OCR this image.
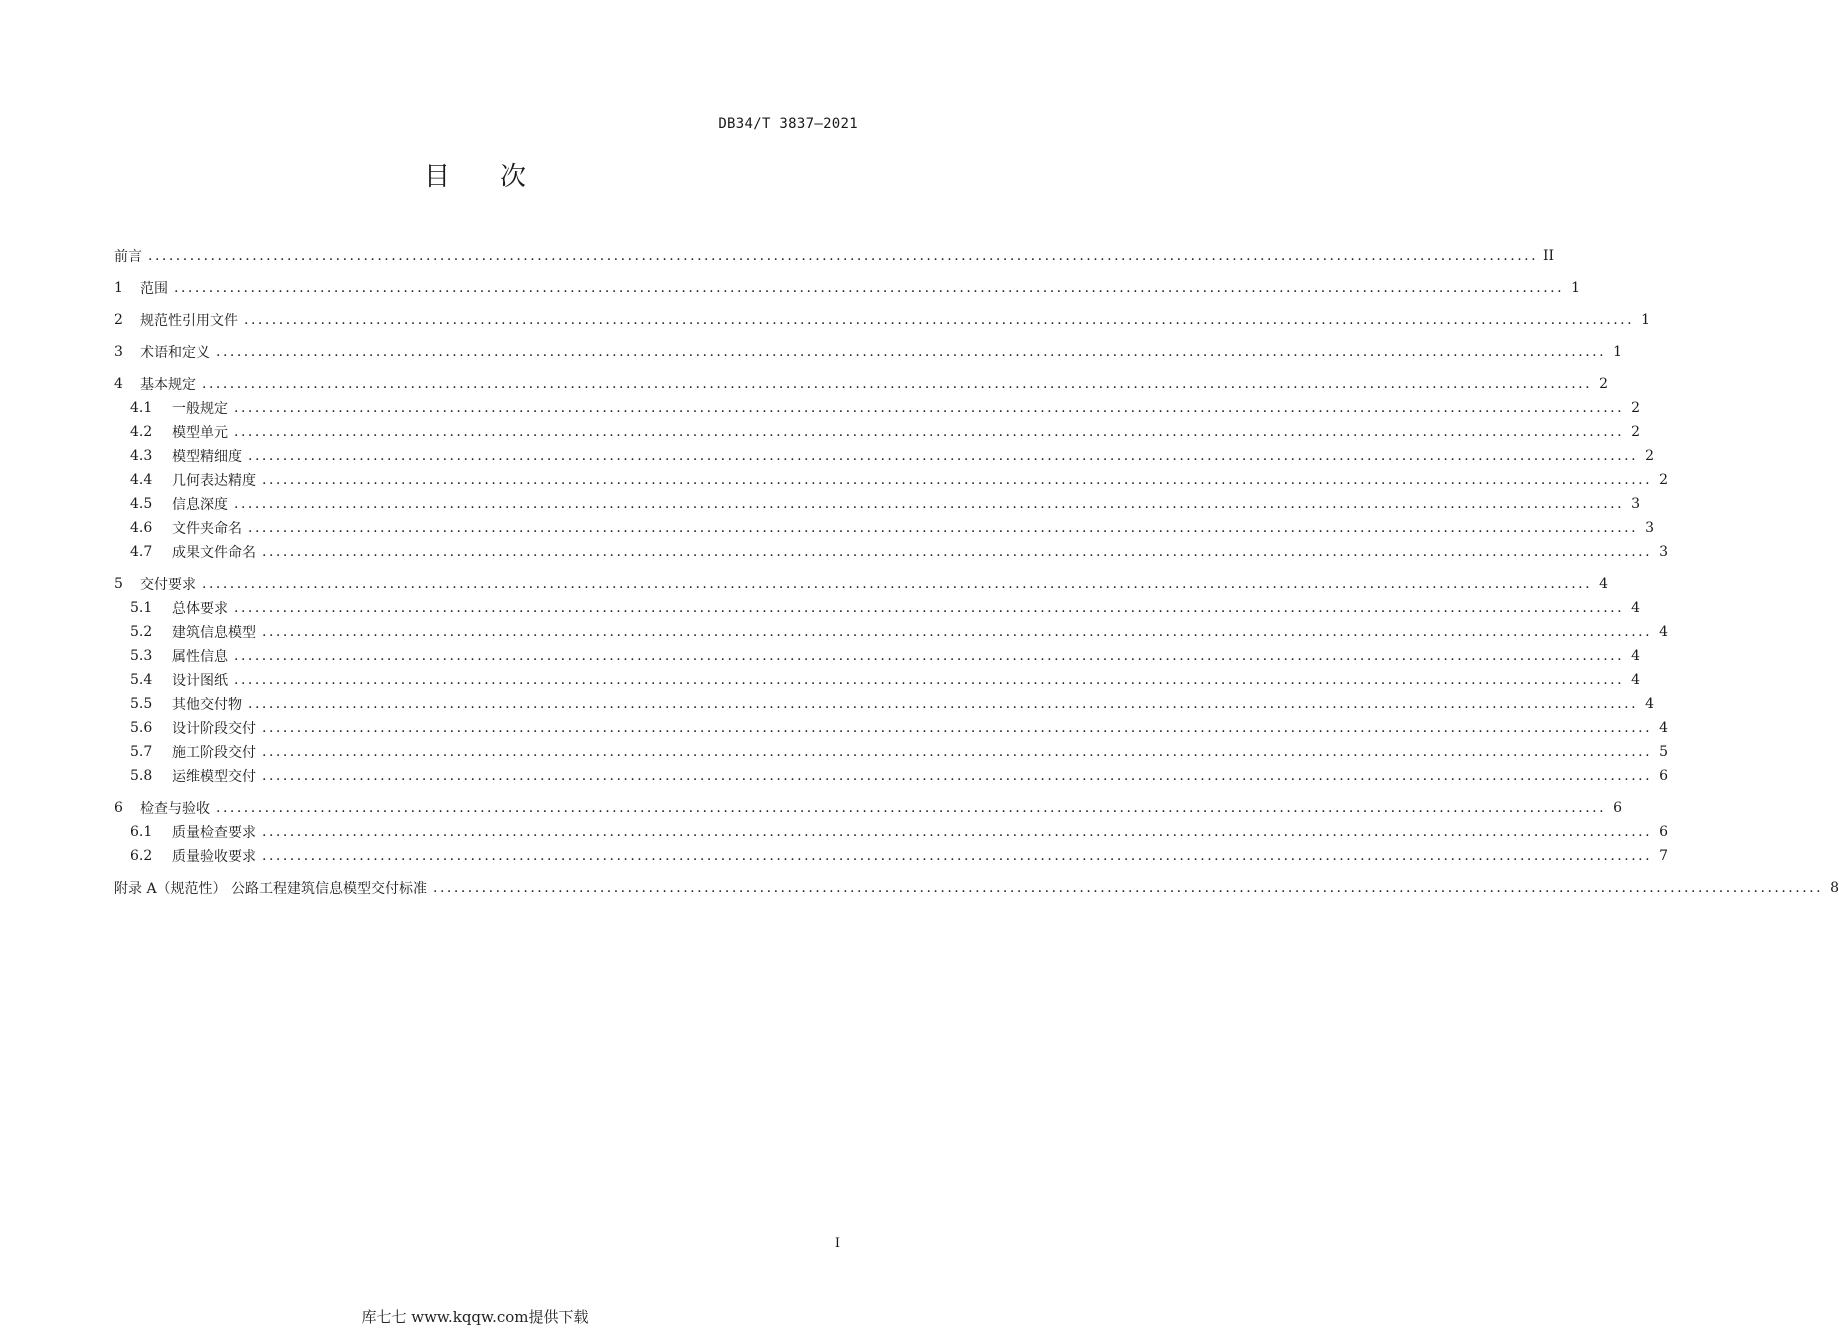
DB34/T 3837—2021
目次
前言 ........................................................................................................................................................................................................ II
1	范围 ........................................................................................................................................................................................................ 1
2	规范性引用文件 ........................................................................................................................................................................................................ 1
3	术语和定义 ........................................................................................................................................................................................................ 1
4	基本规定 ........................................................................................................................................................................................................ 2
4.1	一般规定 ........................................................................................................................................................................................................ 2
4.2	模型单元 ........................................................................................................................................................................................................ 2
4.3	模型精细度 ........................................................................................................................................................................................................ 2
4.4	几何表达精度 ........................................................................................................................................................................................................ 2
4.5	信息深度 ........................................................................................................................................................................................................ 3
4.6	文件夹命名 ........................................................................................................................................................................................................ 3
4.7	成果文件命名 ........................................................................................................................................................................................................ 3
5	交付要求 ........................................................................................................................................................................................................ 4
5.1	总体要求 ........................................................................................................................................................................................................ 4
5.2	建筑信息模型 ........................................................................................................................................................................................................ 4
5.3	属性信息 ........................................................................................................................................................................................................ 4
5.4	设计图纸 ........................................................................................................................................................................................................ 4
5.5	其他交付物 ........................................................................................................................................................................................................ 4
5.6	设计阶段交付 ........................................................................................................................................................................................................ 4
5.7	施工阶段交付 ........................................................................................................................................................................................................ 5
5.8	运维模型交付 ........................................................................................................................................................................................................ 6
6	检查与验收 ........................................................................................................................................................................................................ 6
6.1	质量检查要求 ........................................................................................................................................................................................................ 6
6.2	质量验收要求 ........................................................................................................................................................................................................ 7
附录 A（规范性） 公路工程建筑信息模型交付标准 ........................................................................................................................................................................................................ 8
I
库七七 www.kqqw.com提供下载
